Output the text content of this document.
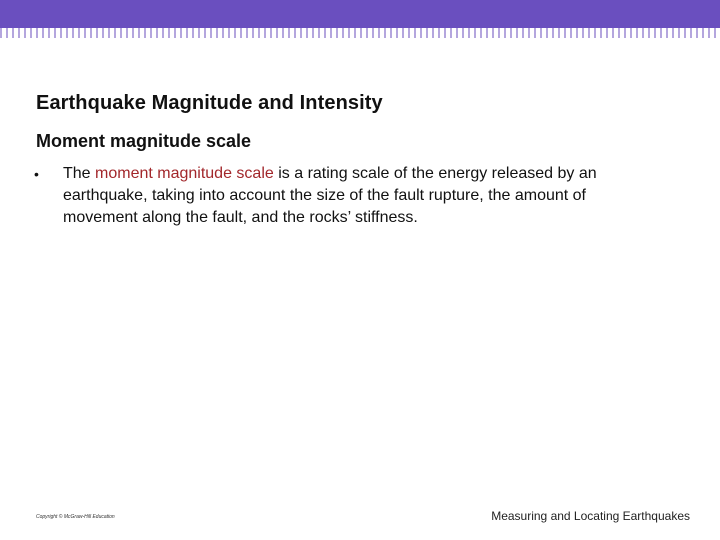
Earthquake Magnitude and Intensity
Moment magnitude scale
• The moment magnitude scale is a rating scale of the energy released by an earthquake, taking into account the size of the fault rupture, the amount of movement along the fault, and the rocks’ stiffness.
Copyright © McGraw-Hill Education	Measuring and Locating Earthquakes
